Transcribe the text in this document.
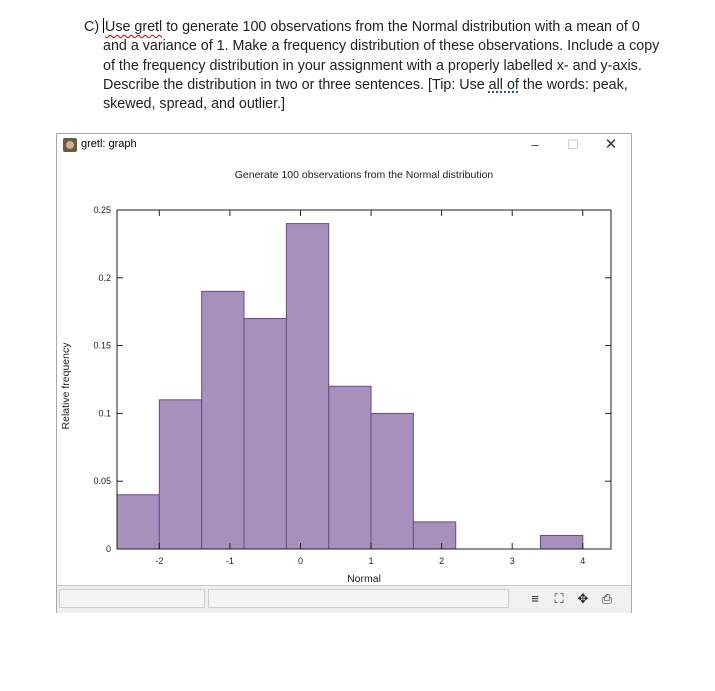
C) Use gretl to generate 100 observations from the Normal distribution with a mean of 0
and a variance of 1. Make a frequency distribution of these observations. Include a copy
of the frequency distribution in your assignment with a properly labelled x- and y-axis.
Describe the distribution in two or three sentences. [Tip: Use all of the words: peak,
skewed, spread, and outlier.]
gretl: graph	–	☐	✕
≡	⛶ ✥ ⎙
Generate 100 observations from the Normal distribution
0
0.05
0.1
0.15
0.2
0.25
-2	-1	0	1	2	3	4
Normal
Relative frequency
